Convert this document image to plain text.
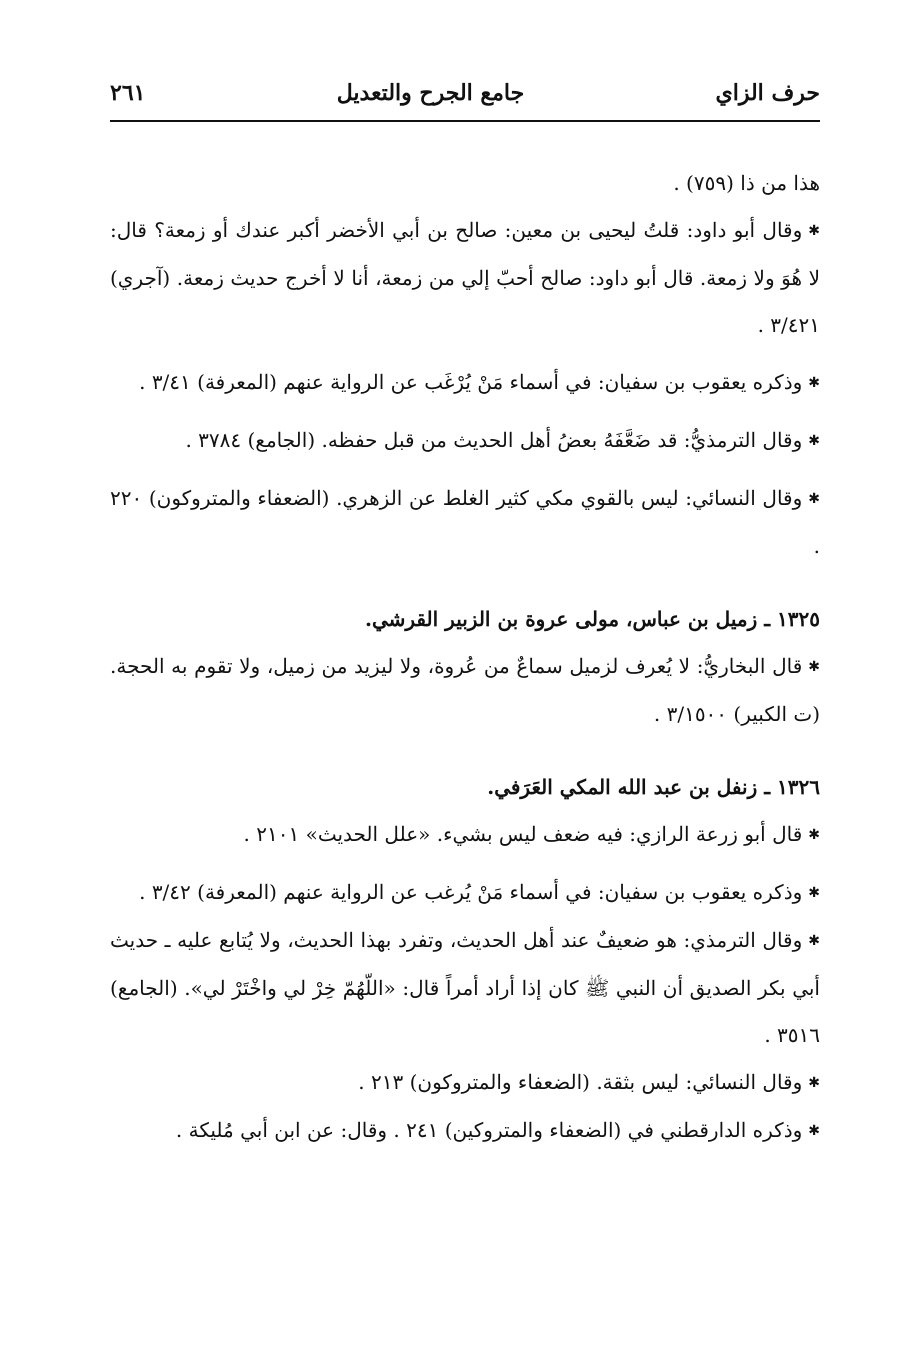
حرف الزاي
جامع الجرح والتعديل
٢٦١

هذا من ذا (٧٥٩) .

✱وقال أبو داود: قلتُ ليحيى بن معين: صالح بن أبي الأخضر أكبر عندك أو زمعة؟ قال: لا هُوَ ولا زمعة. قال أبو داود: صالح أحبّ إلي من زمعة، أنا لا أخرج حديث زمعة. (آجري) ٣/٤٢١ .

✱وذكره يعقوب بن سفيان: في أسماء مَنْ يُرْغَب عن الرواية عنهم (المعرفة) ٣/٤١ .

✱وقال الترمذيُّ: قد ضَعَّفَهُ بعضُ أهل الحديث من قبل حفظه. (الجامع) ٣٧٨٤ .

✱وقال النسائي: ليس بالقوي مكي كثير الغلط عن الزهري. (الضعفاء والمتروكون) ٢٢٠ .

١٣٢٥ ـ زميل بن عباس، مولى عروة بن الزبير القرشي.

✱قال البخاريُّ: لا يُعرف لزميل سماعٌ من عُروة، ولا ليزيد من زميل، ولا تقوم به الحجة. (ت الكبير) ٣/١٥٠٠ .

١٣٢٦ ـ زنفل بن عبد الله المكي العَرَفي.

✱قال أبو زرعة الرازي: فيه ضعف ليس بشيء. «علل الحديث» ٢١٠١ .

✱وذكره يعقوب بن سفيان: في أسماء مَنْ يُرغب عن الرواية عنهم (المعرفة) ٣/٤٢ .

✱وقال الترمذي: هو ضعيفٌ عند أهل الحديث، وتفرد بهذا الحديث، ولا يُتابع عليه ـ حديث أبي بكر الصديق أن النبي ﷺ كان إذا أراد أمراً قال: «اللّهُمّ خِرْ لي واخْتَرْ لي». (الجامع) ٣٥١٦ .

✱وقال النسائي: ليس بثقة. (الضعفاء والمتروكون) ٢١٣ .

✱وذكره الدارقطني في (الضعفاء والمتروكين) ٢٤١ . وقال: عن ابن أبي مُليكة .
